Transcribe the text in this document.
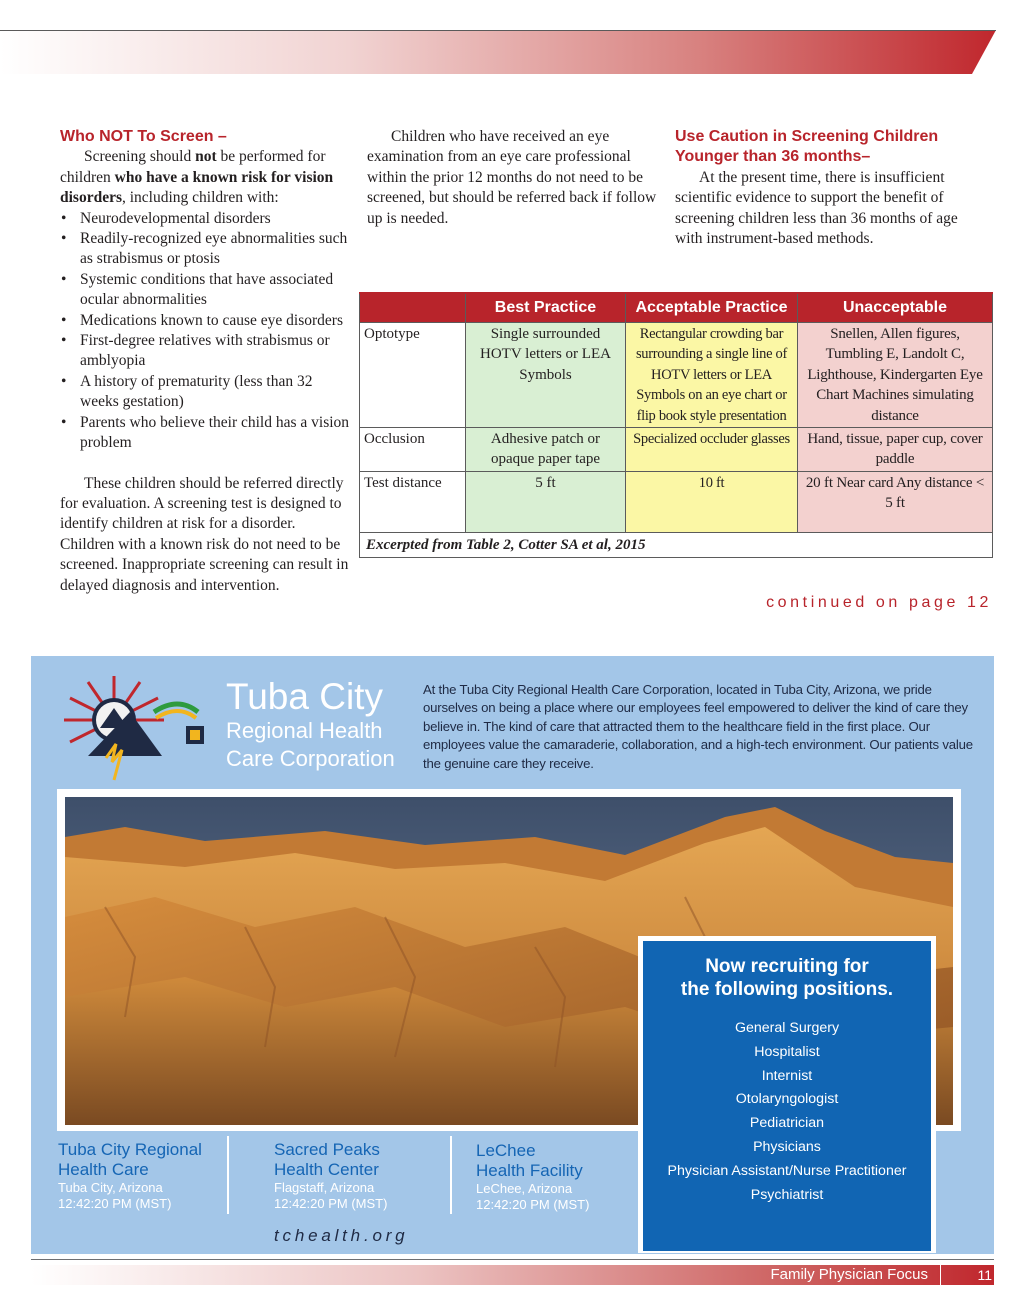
Who NOT To Screen –

Screening should not be performed for children who have a known risk for vision disorders, including children with:

• Neurodevelopmental disorders
• Readily-recognized eye abnormalities such as strabismus or ptosis
• Systemic conditions that have associated ocular abnormalities
• Medications known to cause eye disorders
• First-degree relatives with strabismus or amblyopia
• A history of prematurity (less than 32 weeks gestation)
• Parents who believe their child has a vision problem

These children should be referred directly for evaluation. A screening test is designed to identify children at risk for a disorder. Children with a known risk do not need to be screened. Inappropriate screening can result in delayed diagnosis and intervention.

Children who have received an eye examination from an eye care professional within the prior 12 months do not need to be screened, but should be referred back if follow up is needed.

Use Caution in Screening Children Younger than 36 months–

At the present time, there is insufficient scientific evidence to support the benefit of screening children less than 36 months of age with instrument-based methods.

	Best Practice	Acceptable Practice	Unacceptable
Optotype	Single surrounded HOTV letters or LEA Symbols	Rectangular crowding bar surrounding a single line of HOTV letters or LEA Symbols on an eye chart or flip book style presentation	Snellen, Allen figures, Tumbling E, Landolt C, Lighthouse, Kindergarten Eye Chart Machines simulating distance
Occlusion	Adhesive patch or opaque paper tape	Specialized occluder glasses	Hand, tissue, paper cup, cover paddle
Test distance	5 ft	10 ft	20 ft Near card Any distance < 5 ft
Excerpted from Table 2, Cotter SA et al, 2015			
continued on page 12
Tuba City
Regional Health
Care Corporation
At the Tuba City Regional Health Care Corporation, located in Tuba City, Arizona, we pride ourselves on being a place where our employees feel empowered to deliver the kind of care they believe in. The kind of care that attracted them to the healthcare field in the first place. Our employees value the camaraderie, collaboration, and a high-tech environment. Our patients value the genuine care they receive.
Tuba City Regional
Health Care
Tuba City, Arizona
12:42:20 PM (MST)
Sacred Peaks
Health Center
Flagstaff, Arizona
12:42:20 PM (MST)
LeChee
Health Facility
LeChee, Arizona
12:42:20 PM (MST)
tchealth.org
Now recruiting for
the following positions.
General Surgery
Hospitalist
Internist
Otolaryngologist
Pediatrician
Physicians
Physician Assistant/Nurse Practitioner
Psychiatrist
Family Physician Focus	11
